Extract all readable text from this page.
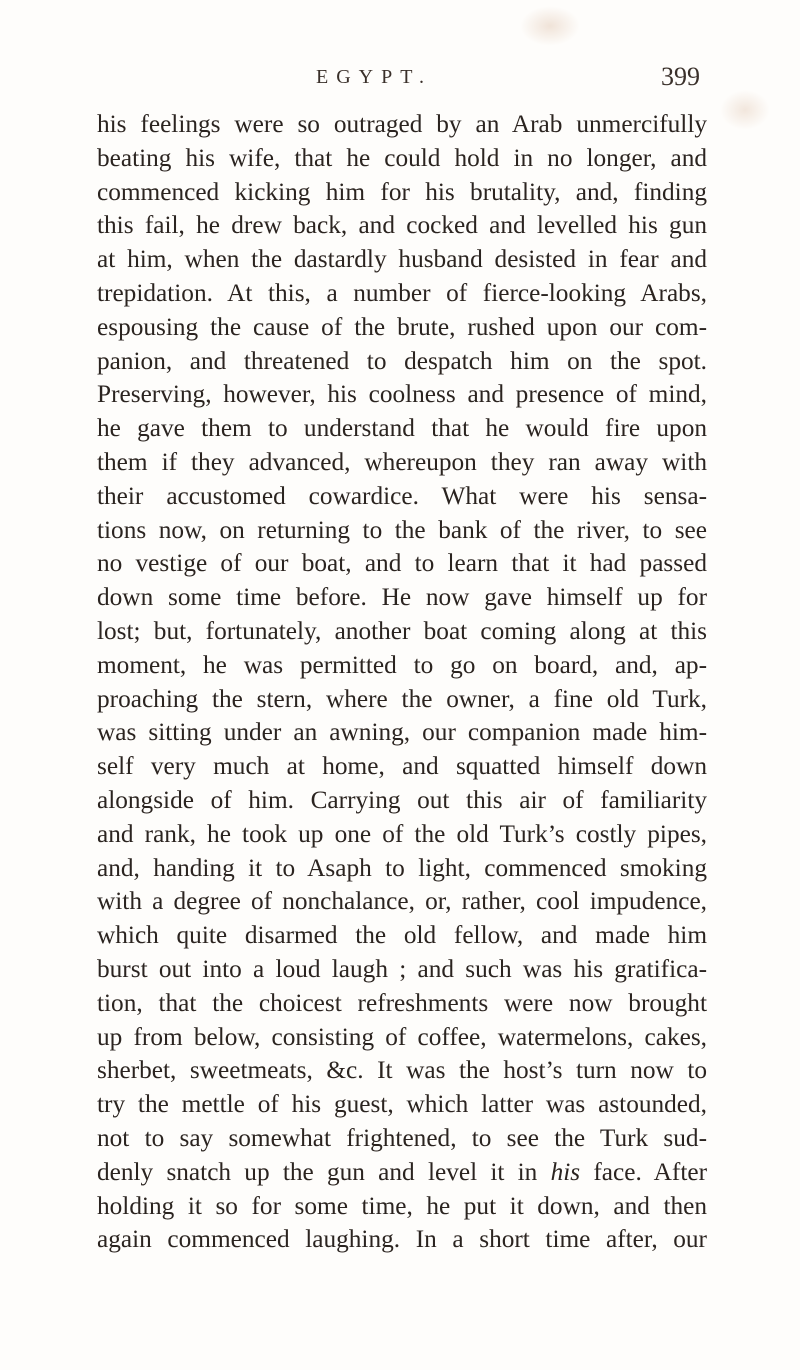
EGYPT.	399
his feelings were so outraged by an Arab unmercifully
beating his wife, that he could hold in no longer, and
commenced kicking him for his brutality, and, finding
this fail, he drew back, and cocked and levelled his gun
at him, when the dastardly husband desisted in fear and
trepidation. At this, a number of fierce-looking Arabs,
espousing the cause of the brute, rushed upon our com-
panion, and threatened to despatch him on the spot.
Preserving, however, his coolness and presence of mind,
he gave them to understand that he would fire upon
them if they advanced, whereupon they ran away with
their accustomed cowardice. What were his sensa-
tions now, on returning to the bank of the river, to see
no vestige of our boat, and to learn that it had passed
down some time before. He now gave himself up for
lost; but, fortunately, another boat coming along at this
moment, he was permitted to go on board, and, ap-
proaching the stern, where the owner, a fine old Turk,
was sitting under an awning, our companion made him-
self very much at home, and squatted himself down
alongside of him. Carrying out this air of familiarity
and rank, he took up one of the old Turk’s costly pipes,
and, handing it to Asaph to light, commenced smoking
with a degree of nonchalance, or, rather, cool impudence,
which quite disarmed the old fellow, and made him
burst out into a loud laugh ; and such was his gratifica-
tion, that the choicest refreshments were now brought
up from below, consisting of coffee, watermelons, cakes,
sherbet, sweetmeats, &c. It was the host’s turn now to
try the mettle of his guest, which latter was astounded,
not to say somewhat frightened, to see the Turk sud-
denly snatch up the gun and level it in his face. After
holding it so for some time, he put it down, and then
again commenced laughing. In a short time after, our
